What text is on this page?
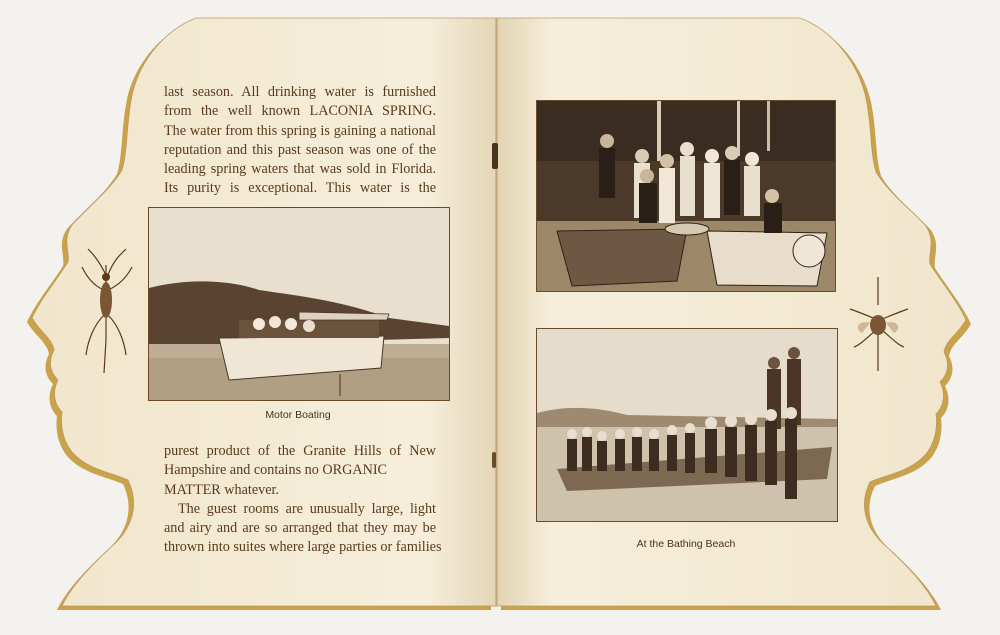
last season. All drinking water is furnished
from the well known LACONIA SPRING.
The water from this spring is gaining a national
reputation and this past season was one of the
leading spring waters that was sold in Florida.
Its purity is exceptional. This water is the
Motor Boating
purest product of the Granite Hills of New
Hampshire and contains no ORGANIC
MATTER whatever.
The guest rooms are unusually large, light
and airy and are so arranged that they may be
thrown into suites where large parties or families	At the Bathing Beach
